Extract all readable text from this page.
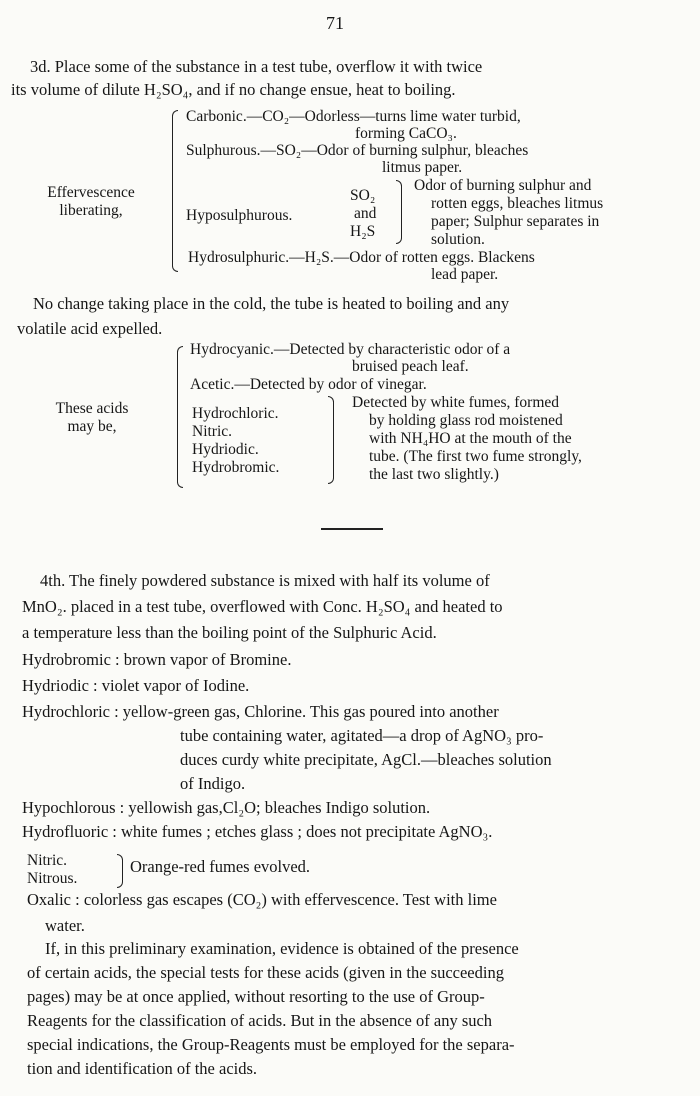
71
3d. Place some of the substance in a test tube, overflow it with twice
its volume of dilute H₂SO₄, and if no change ensue, heat to boiling.
Effervescence
liberating,
Carbonic.—CO₂—Odorless—turns lime water turbid,
forming CaCO₃.
Sulphurous.—SO₂—Odor of burning sulphur, bleaches
litmus paper.
Hyposulphurous.
SO₂
and
H₂S
Odor of burning sulphur and
rotten eggs, bleaches litmus
paper; Sulphur separates in
solution.
Hydrosulphuric.—H₂S.—Odor of rotten eggs. Blackens
lead paper.
No change taking place in the cold, the tube is heated to boiling and any
volatile acid expelled.
These acids
may be,
Hydrocyanic.—Detected by characteristic odor of a
bruised peach leaf.
Acetic.—Detected by odor of vinegar.
Hydrochloric.
Nitric.
Hydriodic.
Hydrobromic.
Detected by white fumes, formed
by holding glass rod moistened
with NH₄HO at the mouth of the
tube. (The first two fume strongly,
the last two slightly.)
4th. The finely powdered substance is mixed with half its volume of
MnO₂. placed in a test tube, overflowed with Conc. H₂SO₄ and heated to
a temperature less than the boiling point of the Sulphuric Acid.
Hydrobromic : brown vapor of Bromine.
Hydriodic : violet vapor of Iodine.
Hydrochloric : yellow-green gas, Chlorine. This gas poured into another
tube containing water, agitated—a drop of AgNO₃ pro-
duces curdy white precipitate, AgCl.—bleaches solution
of Indigo.
Hypochlorous : yellowish gas,Cl₂O; bleaches Indigo solution.
Hydrofluoric : white fumes ; etches glass ; does not precipitate AgNO₃.
Nitric.
Nitrous.
Orange-red fumes evolved.
Oxalic : colorless gas escapes (CO₂) with effervescence. Test with lime
water.
If, in this preliminary examination, evidence is obtained of the presence
of certain acids, the special tests for these acids (given in the succeeding
pages) may be at once applied, without resorting to the use of Group-
Reagents for the classification of acids. But in the absence of any such
special indications, the Group-Reagents must be employed for the separa-
tion and identification of the acids.
